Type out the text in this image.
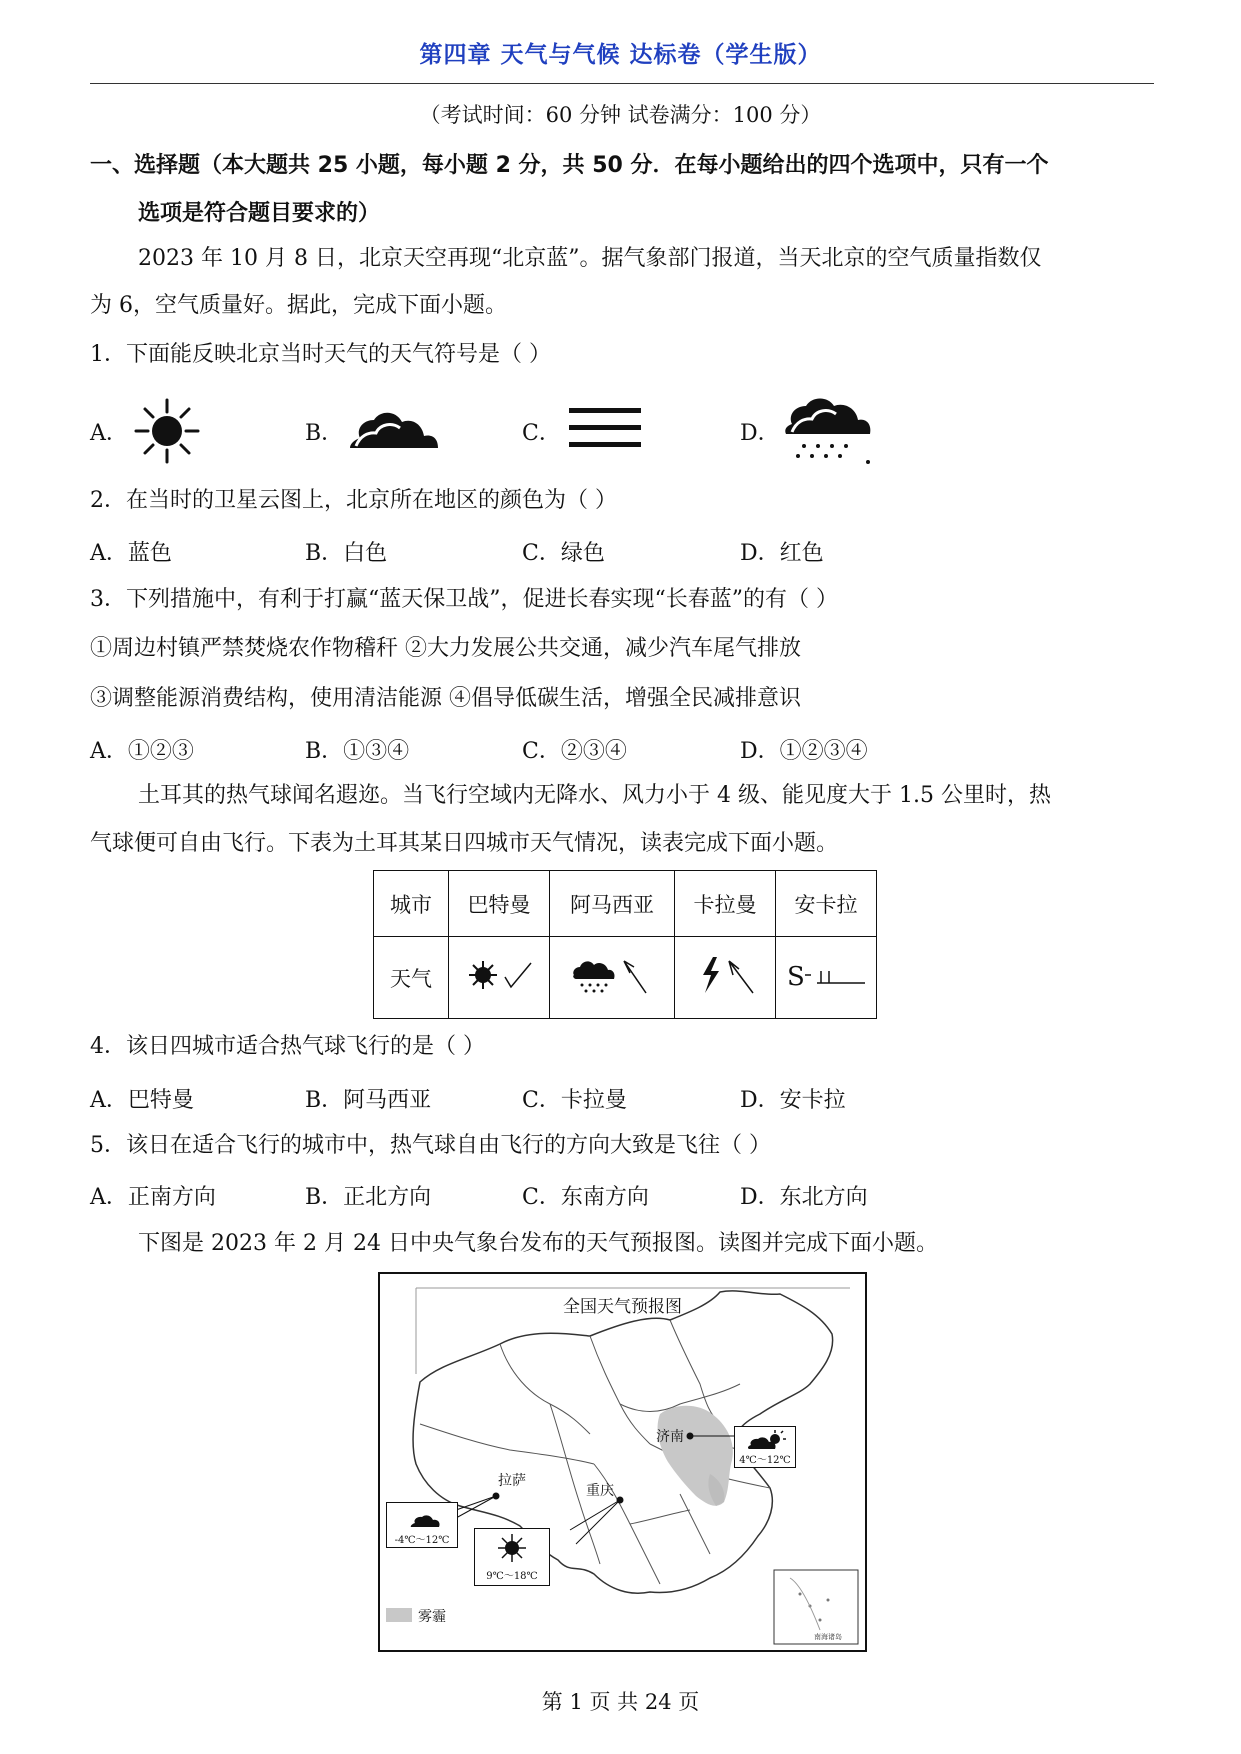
第四章 天气与气候 达标卷（学生版）
（考试时间：60 分钟 试卷满分：100 分）
一、选择题（本大题共 25 小题，每小题 2 分，共 50 分．在每小题给出的四个选项中，只有一个
选项是符合题目要求的）
2023 年 10 月 8 日，北京天空再现“北京蓝”。据气象部门报道，当天北京的空气质量指数仅
为 6，空气质量好。据此，完成下面小题。
1．下面能反映北京当时天气的天气符号是（ ）
A．	B．	C．	D．
2．在当时的卫星云图上，北京所在地区的颜色为（ ）
A．蓝色	B．白色	C．绿色	D．红色
3．下列措施中，有利于打赢“蓝天保卫战”，促进长春实现“长春蓝”的有（ ）
①周边村镇严禁焚烧农作物稽秆 ②大力发展公共交通，减少汽车尾气排放
③调整能源消费结构，使用清洁能源 ④倡导低碳生活，增强全民减排意识
A．①②③	B．①③④	C．②③④	D．①②③④
土耳其的热气球闻名遐迩。当飞行空域内无降水、风力小于 4 级、能见度大于 1.5 公里时，热
气球便可自由飞行。下表为土耳其某日四城市天气情况，读表完成下面小题。
城市	巴特曼	阿马西亚	卡拉曼	安卡拉
天气				S
4．该日四城市适合热气球飞行的是（ ）
A．巴特曼	B．阿马西亚	C．卡拉曼	D．安卡拉
5．该日在适合飞行的城市中，热气球自由飞行的方向大致是飞往（ ）
A．正南方向	B．正北方向	C．东南方向	D．东北方向
下图是 2023 年 2 月 24 日中央气象台发布的天气预报图。读图并完成下面小题。
全国天气预报图
济南
4℃～12℃
拉萨
-4℃～12℃
重庆
9℃～18℃
雾霾
南海诸岛
第 1 页 共 24 页
